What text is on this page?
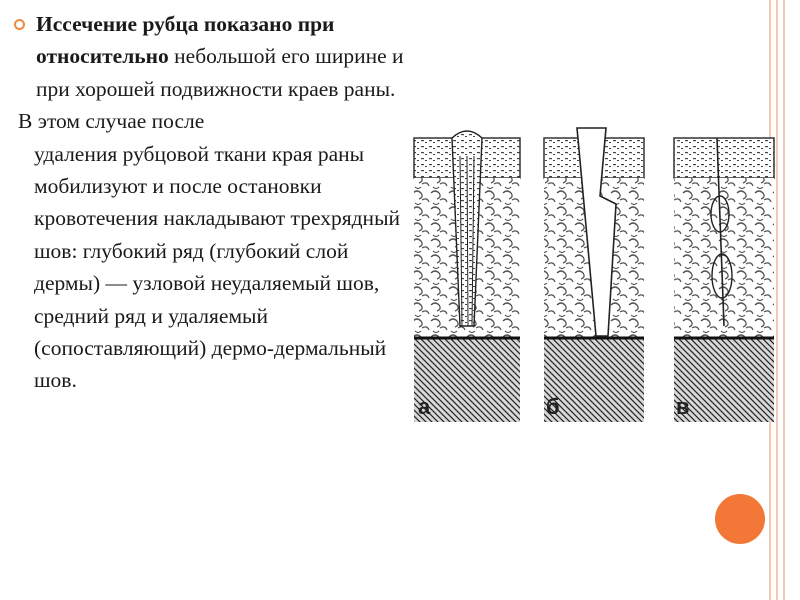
Иссечение рубца показано при относительно небольшой его ширине и при хорошей подвижности краев раны.

В этом случае после
удаления рубцовой ткани края раны мобилизуют и после остановки кровотечения накладывают трехрядный шов: глубокий ряд (глубокий слой дермы) — узловой неудаляемый шов, средний ряд и удаляемый (сопоставляющий) дермо-дермальный шов.

а	б	в
